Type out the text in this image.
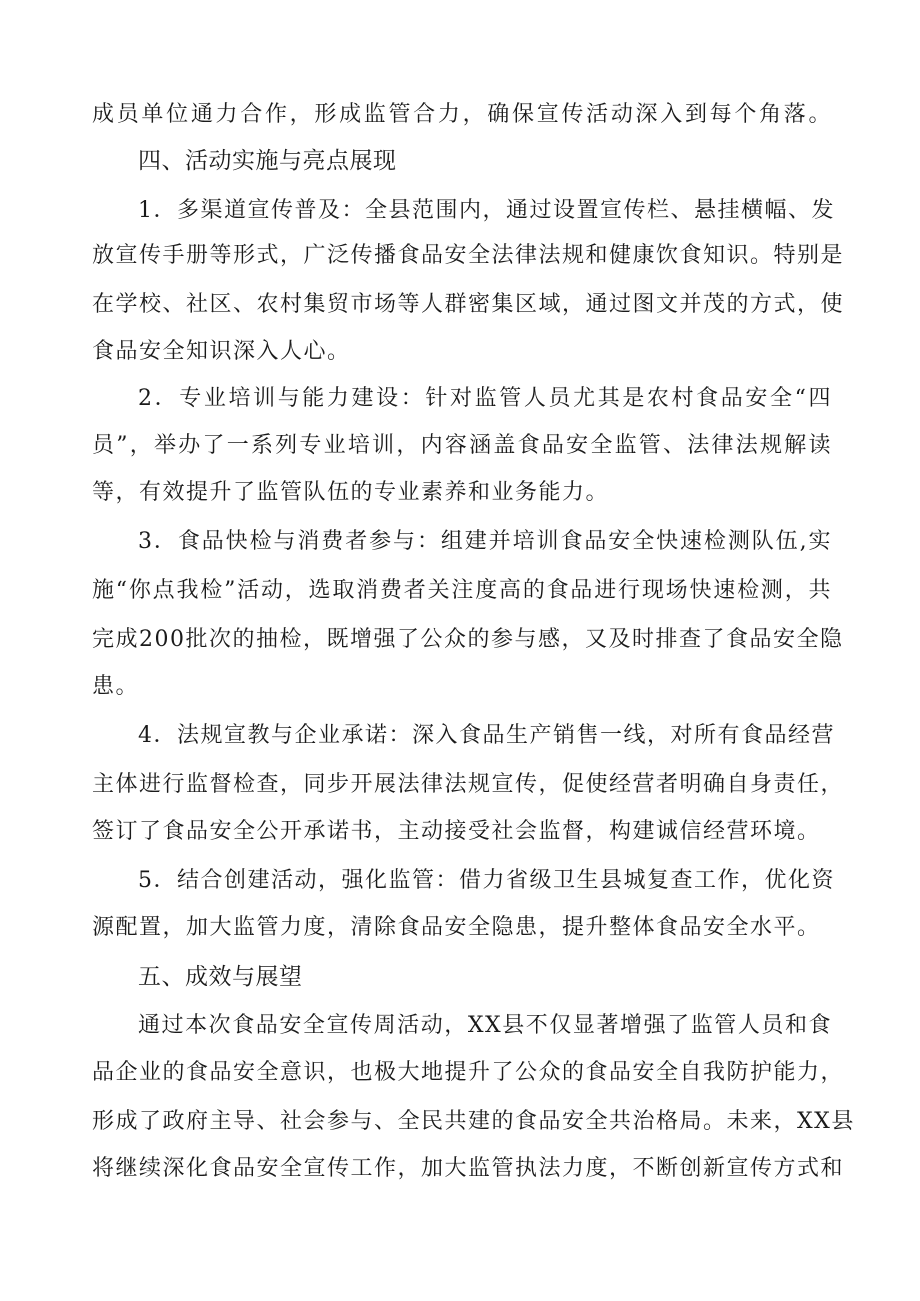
成员单位通力合作，形成监管合力，确保宣传活动深入到每个角落。
四、活动实施与亮点展现
1．多渠道宣传普及：全县范围内，通过设置宣传栏、悬挂横幅、发
放宣传手册等形式，广泛传播食品安全法律法规和健康饮食知识。特别是
在学校、社区、农村集贸市场等人群密集区域，通过图文并茂的方式，使
食品安全知识深入人心。
2．专业培训与能力建设：针对监管人员尤其是农村食品安全“四
员”，举办了一系列专业培训，内容涵盖食品安全监管、法律法规解读
等，有效提升了监管队伍的专业素养和业务能力。
3．食品快检与消费者参与：组建并培训食品安全快速检测队伍,实
施“你点我检”活动，选取消费者关注度高的食品进行现场快速检测，共
完成200批次的抽检，既增强了公众的参与感，又及时排查了食品安全隐
患。
4．法规宣教与企业承诺：深入食品生产销售一线，对所有食品经营
主体进行监督检查，同步开展法律法规宣传，促使经营者明确自身责任，
签订了食品安全公开承诺书，主动接受社会监督，构建诚信经营环境。
5．结合创建活动，强化监管：借力省级卫生县城复查工作，优化资
源配置，加大监管力度，清除食品安全隐患，提升整体食品安全水平。
五、成效与展望
通过本次食品安全宣传周活动，XX县不仅显著增强了监管人员和食
品企业的食品安全意识，也极大地提升了公众的食品安全自我防护能力，
形成了政府主导、社会参与、全民共建的食品安全共治格局。未来，XX县
将继续深化食品安全宣传工作，加大监管执法力度，不断创新宣传方式和
